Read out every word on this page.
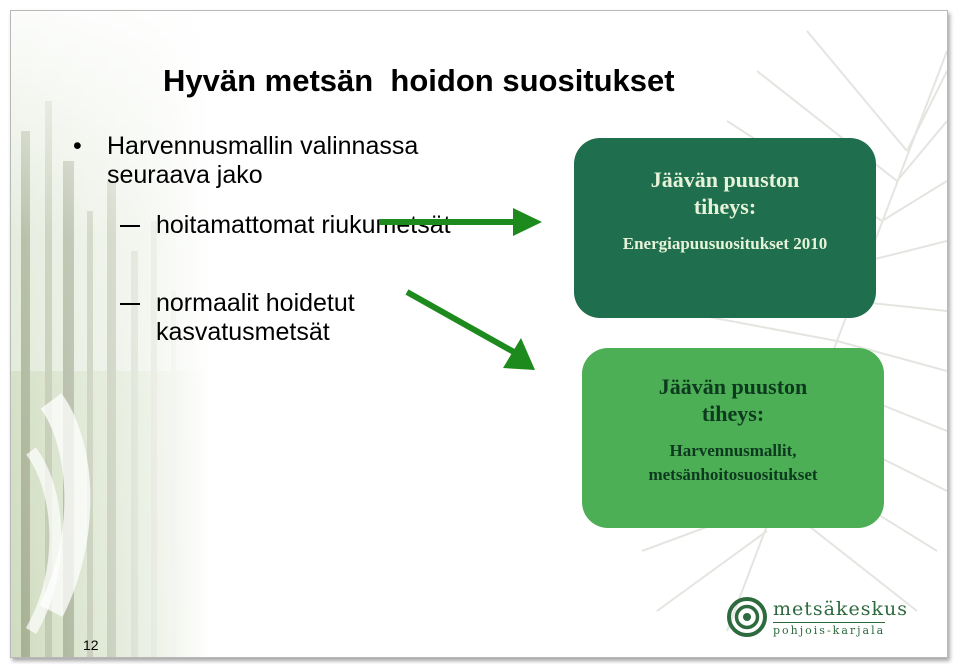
Hyvän metsän  hoidon suositukset
• Harvennusmallin valinnassa seuraava jako
hoitamattomat riukumetsät
normaalit hoidetut kasvatusmetsät
Jäävän puuston tiheys:
Energiapuusuositukset 2010
Jäävän puuston tiheys:
Harvennusmallit, metsänhoitosuositukset
metsäkeskus
pohjois-karjala
12
